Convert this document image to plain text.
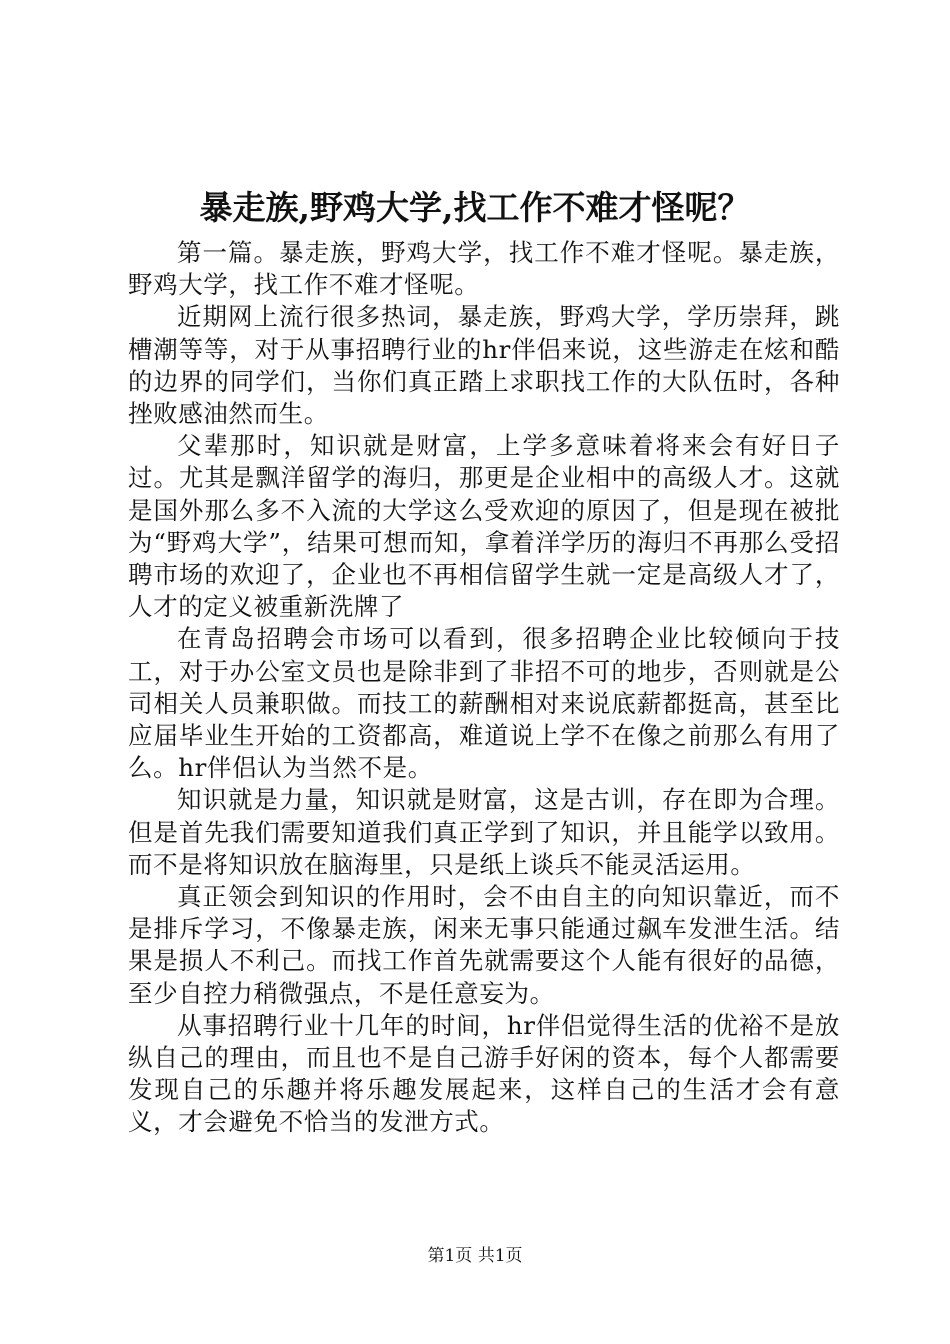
暴走族,野鸡大学,找工作不难才怪呢？

第一篇。暴走族，野鸡大学，找工作不难才怪呢。暴走族，野鸡大学，找工作不难才怪呢。

近期网上流行很多热词，暴走族，野鸡大学，学历崇拜，跳槽潮等等，对于从事招聘行业的hr伴侣来说，这些游走在炫和酷的边界的同学们，当你们真正踏上求职找工作的大队伍时，各种挫败感油然而生。

父辈那时，知识就是财富，上学多意味着将来会有好日子过。尤其是飘洋留学的海归，那更是企业相中的高级人才。这就是国外那么多不入流的大学这么受欢迎的原因了，但是现在被批为“野鸡大学”，结果可想而知，拿着洋学历的海归不再那么受招聘市场的欢迎了，企业也不再相信留学生就一定是高级人才了，人才的定义被重新洗牌了

在青岛招聘会市场可以看到，很多招聘企业比较倾向于技工，对于办公室文员也是除非到了非招不可的地步，否则就是公司相关人员兼职做。而技工的薪酬相对来说底薪都挺高，甚至比应届毕业生开始的工资都高，难道说上学不在像之前那么有用了么。hr伴侣认为当然不是。

知识就是力量，知识就是财富，这是古训，存在即为合理。但是首先我们需要知道我们真正学到了知识，并且能学以致用。而不是将知识放在脑海里，只是纸上谈兵不能灵活运用。

真正领会到知识的作用时，会不由自主的向知识靠近，而不是排斥学习，不像暴走族，闲来无事只能通过飙车发泄生活。结果是损人不利己。而找工作首先就需要这个人能有很好的品德，至少自控力稍微强点，不是任意妄为。

从事招聘行业十几年的时间，hr伴侣觉得生活的优裕不是放纵自己的理由，而且也不是自己游手好闲的资本，每个人都需要发现自己的乐趣并将乐趣发展起来，这样自己的生活才会有意义，才会避免不恰当的发泄方式。

第1页 共1页
